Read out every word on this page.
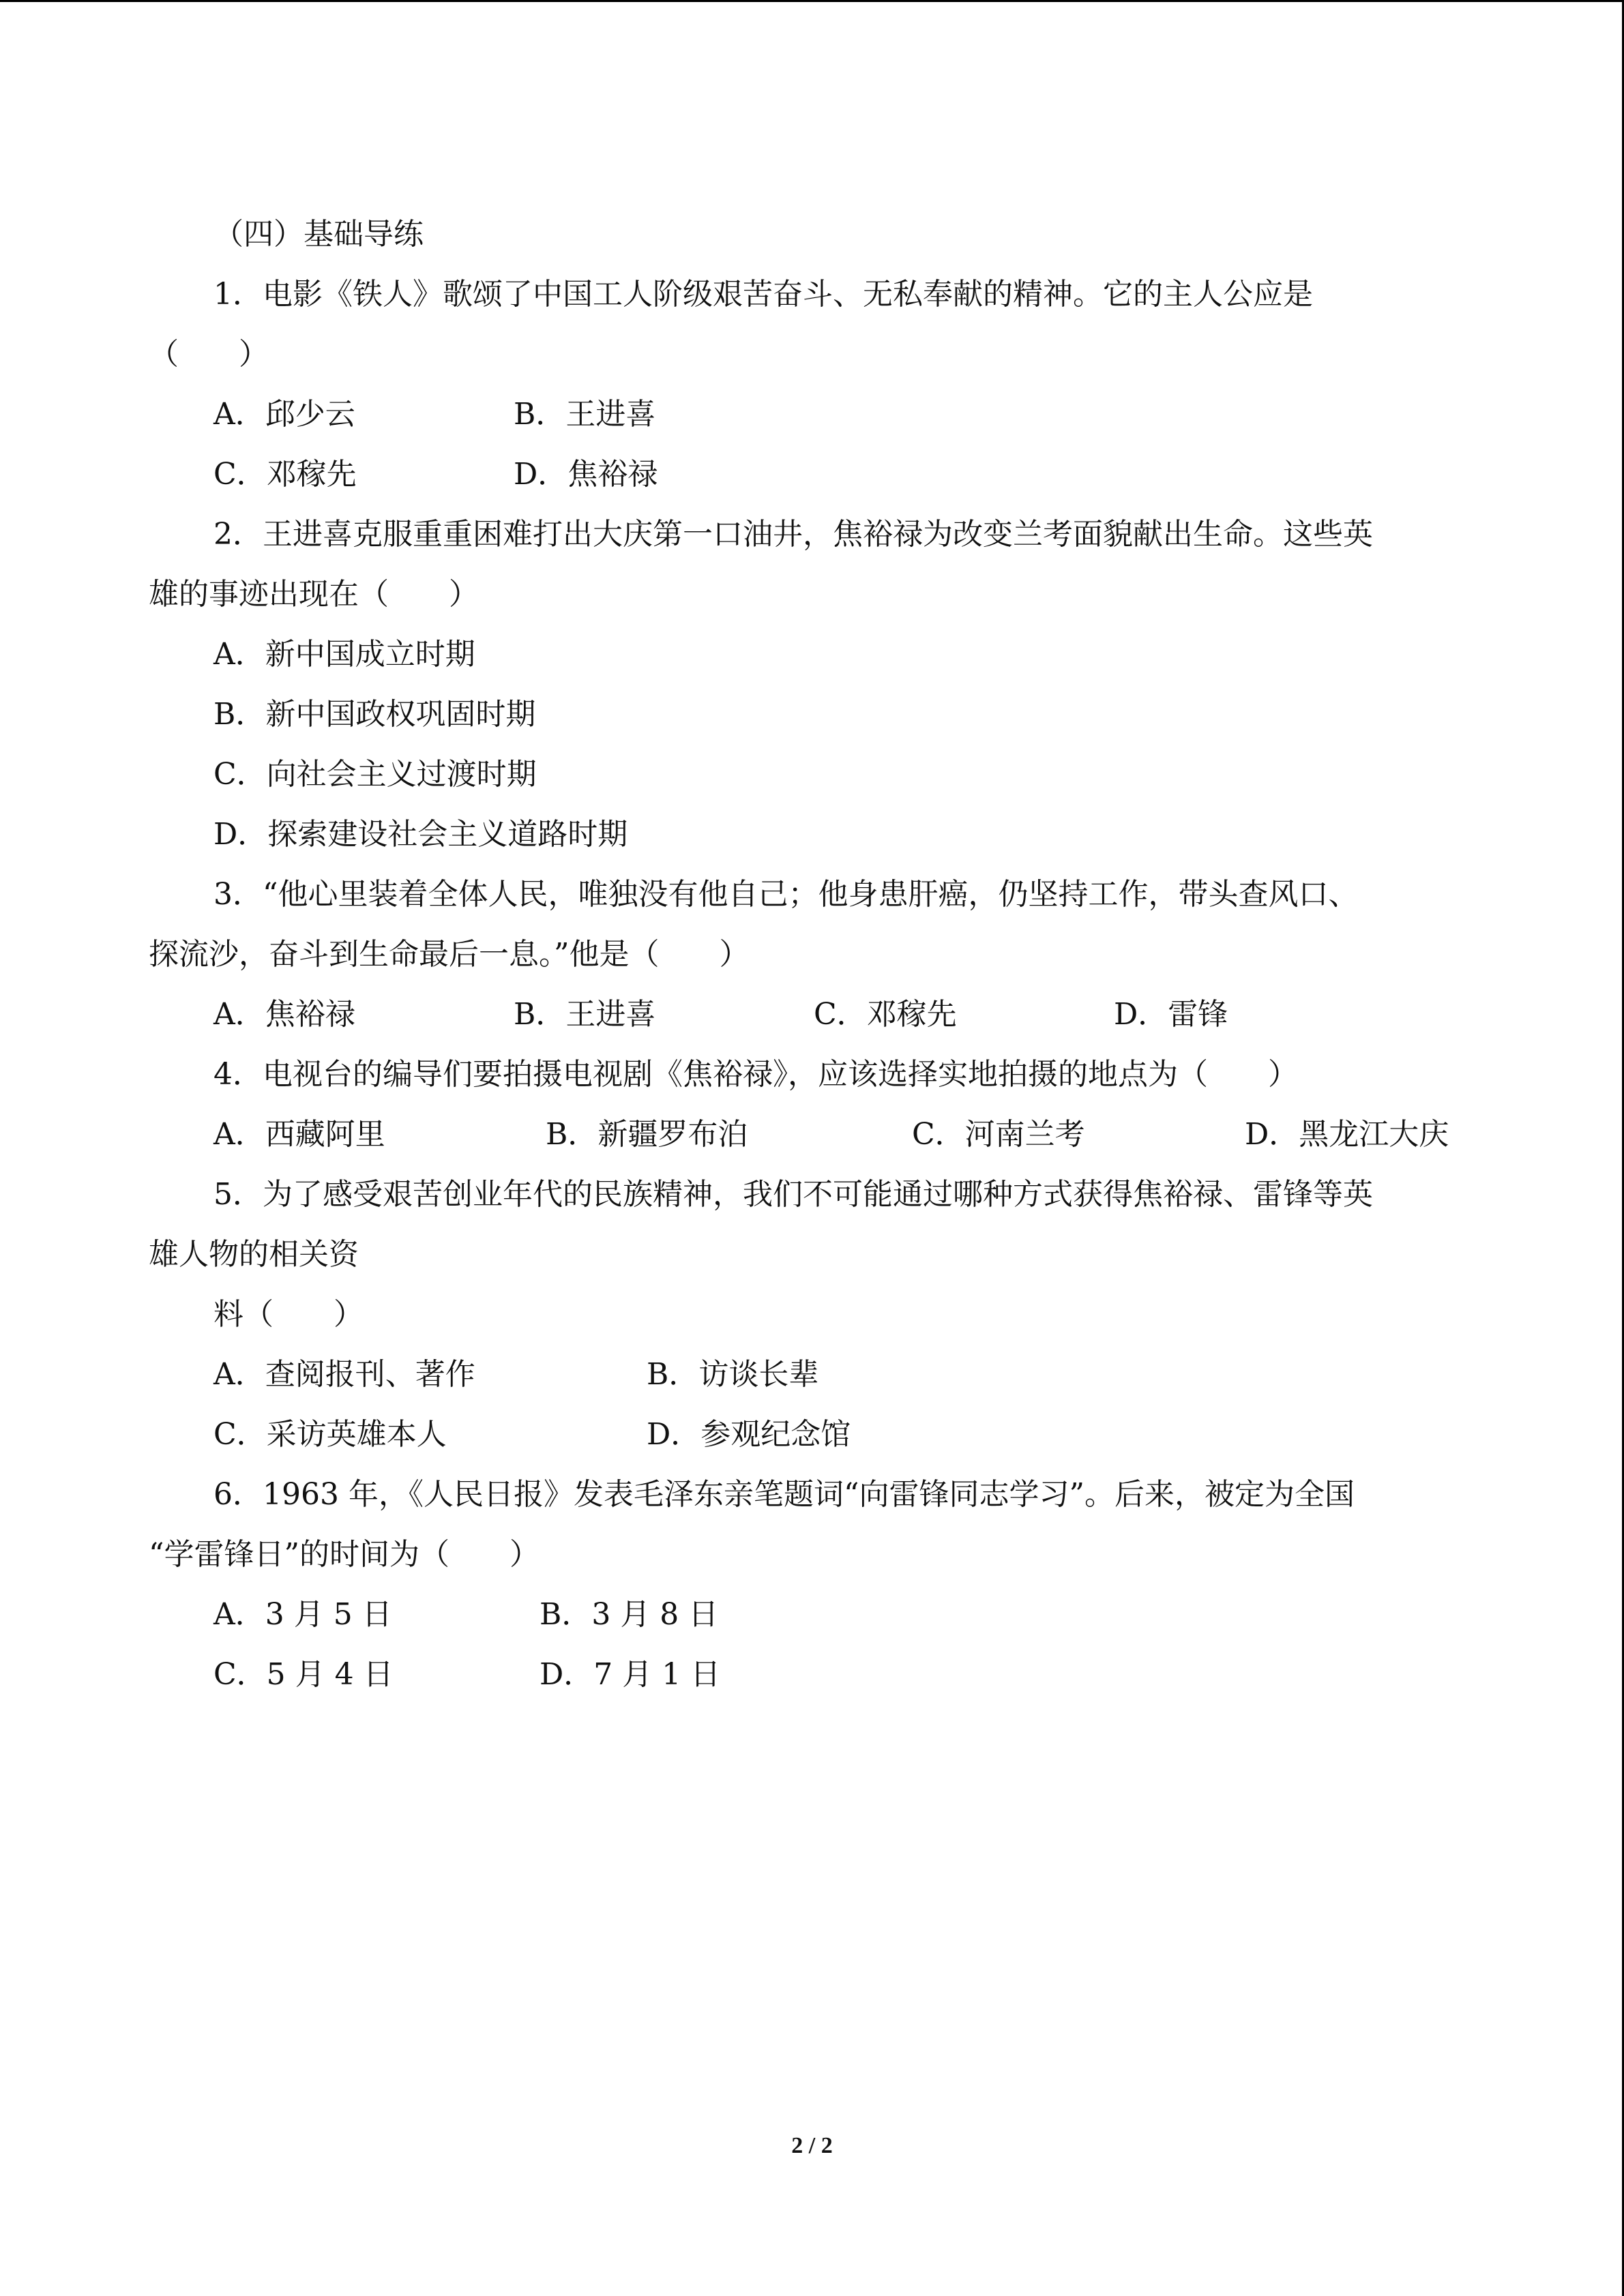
（四）基础导练
1．电影《铁人》歌颂了中国工人阶级艰苦奋斗、无私奉献的精神。它的主人公应是
（　　）
A．邱少云	B．王进喜
C．邓稼先	D．焦裕禄
2．王进喜克服重重困难打出大庆第一口油井，焦裕禄为改变兰考面貌献出生命。这些英
雄的事迹出现在（　　）
A．新中国成立时期
B．新中国政权巩固时期
C．向社会主义过渡时期
D．探索建设社会主义道路时期
3．“他心里装着全体人民，唯独没有他自己；他身患肝癌，仍坚持工作，带头查风口、
探流沙，奋斗到生命最后一息。”他是（　　）
A．焦裕禄	B．王进喜	C．邓稼先	D．雷锋
4．电视台的编导们要拍摄电视剧《焦裕禄》，应该选择实地拍摄的地点为（　　）
A．西藏阿里	B．新疆罗布泊	C．河南兰考	D．黑龙江大庆
5．为了感受艰苦创业年代的民族精神，我们不可能通过哪种方式获得焦裕禄、雷锋等英
雄人物的相关资
料（　　）
A．查阅报刊、著作	B．访谈长辈
C．采访英雄本人	D．参观纪念馆
6．1963 年，《人民日报》发表毛泽东亲笔题词“向雷锋同志学习”。后来，被定为全国
“学雷锋日”的时间为（　　）
A．3 月 5 日	B．3 月 8 日
C．5 月 4 日	D．7 月 1 日
2 / 2
